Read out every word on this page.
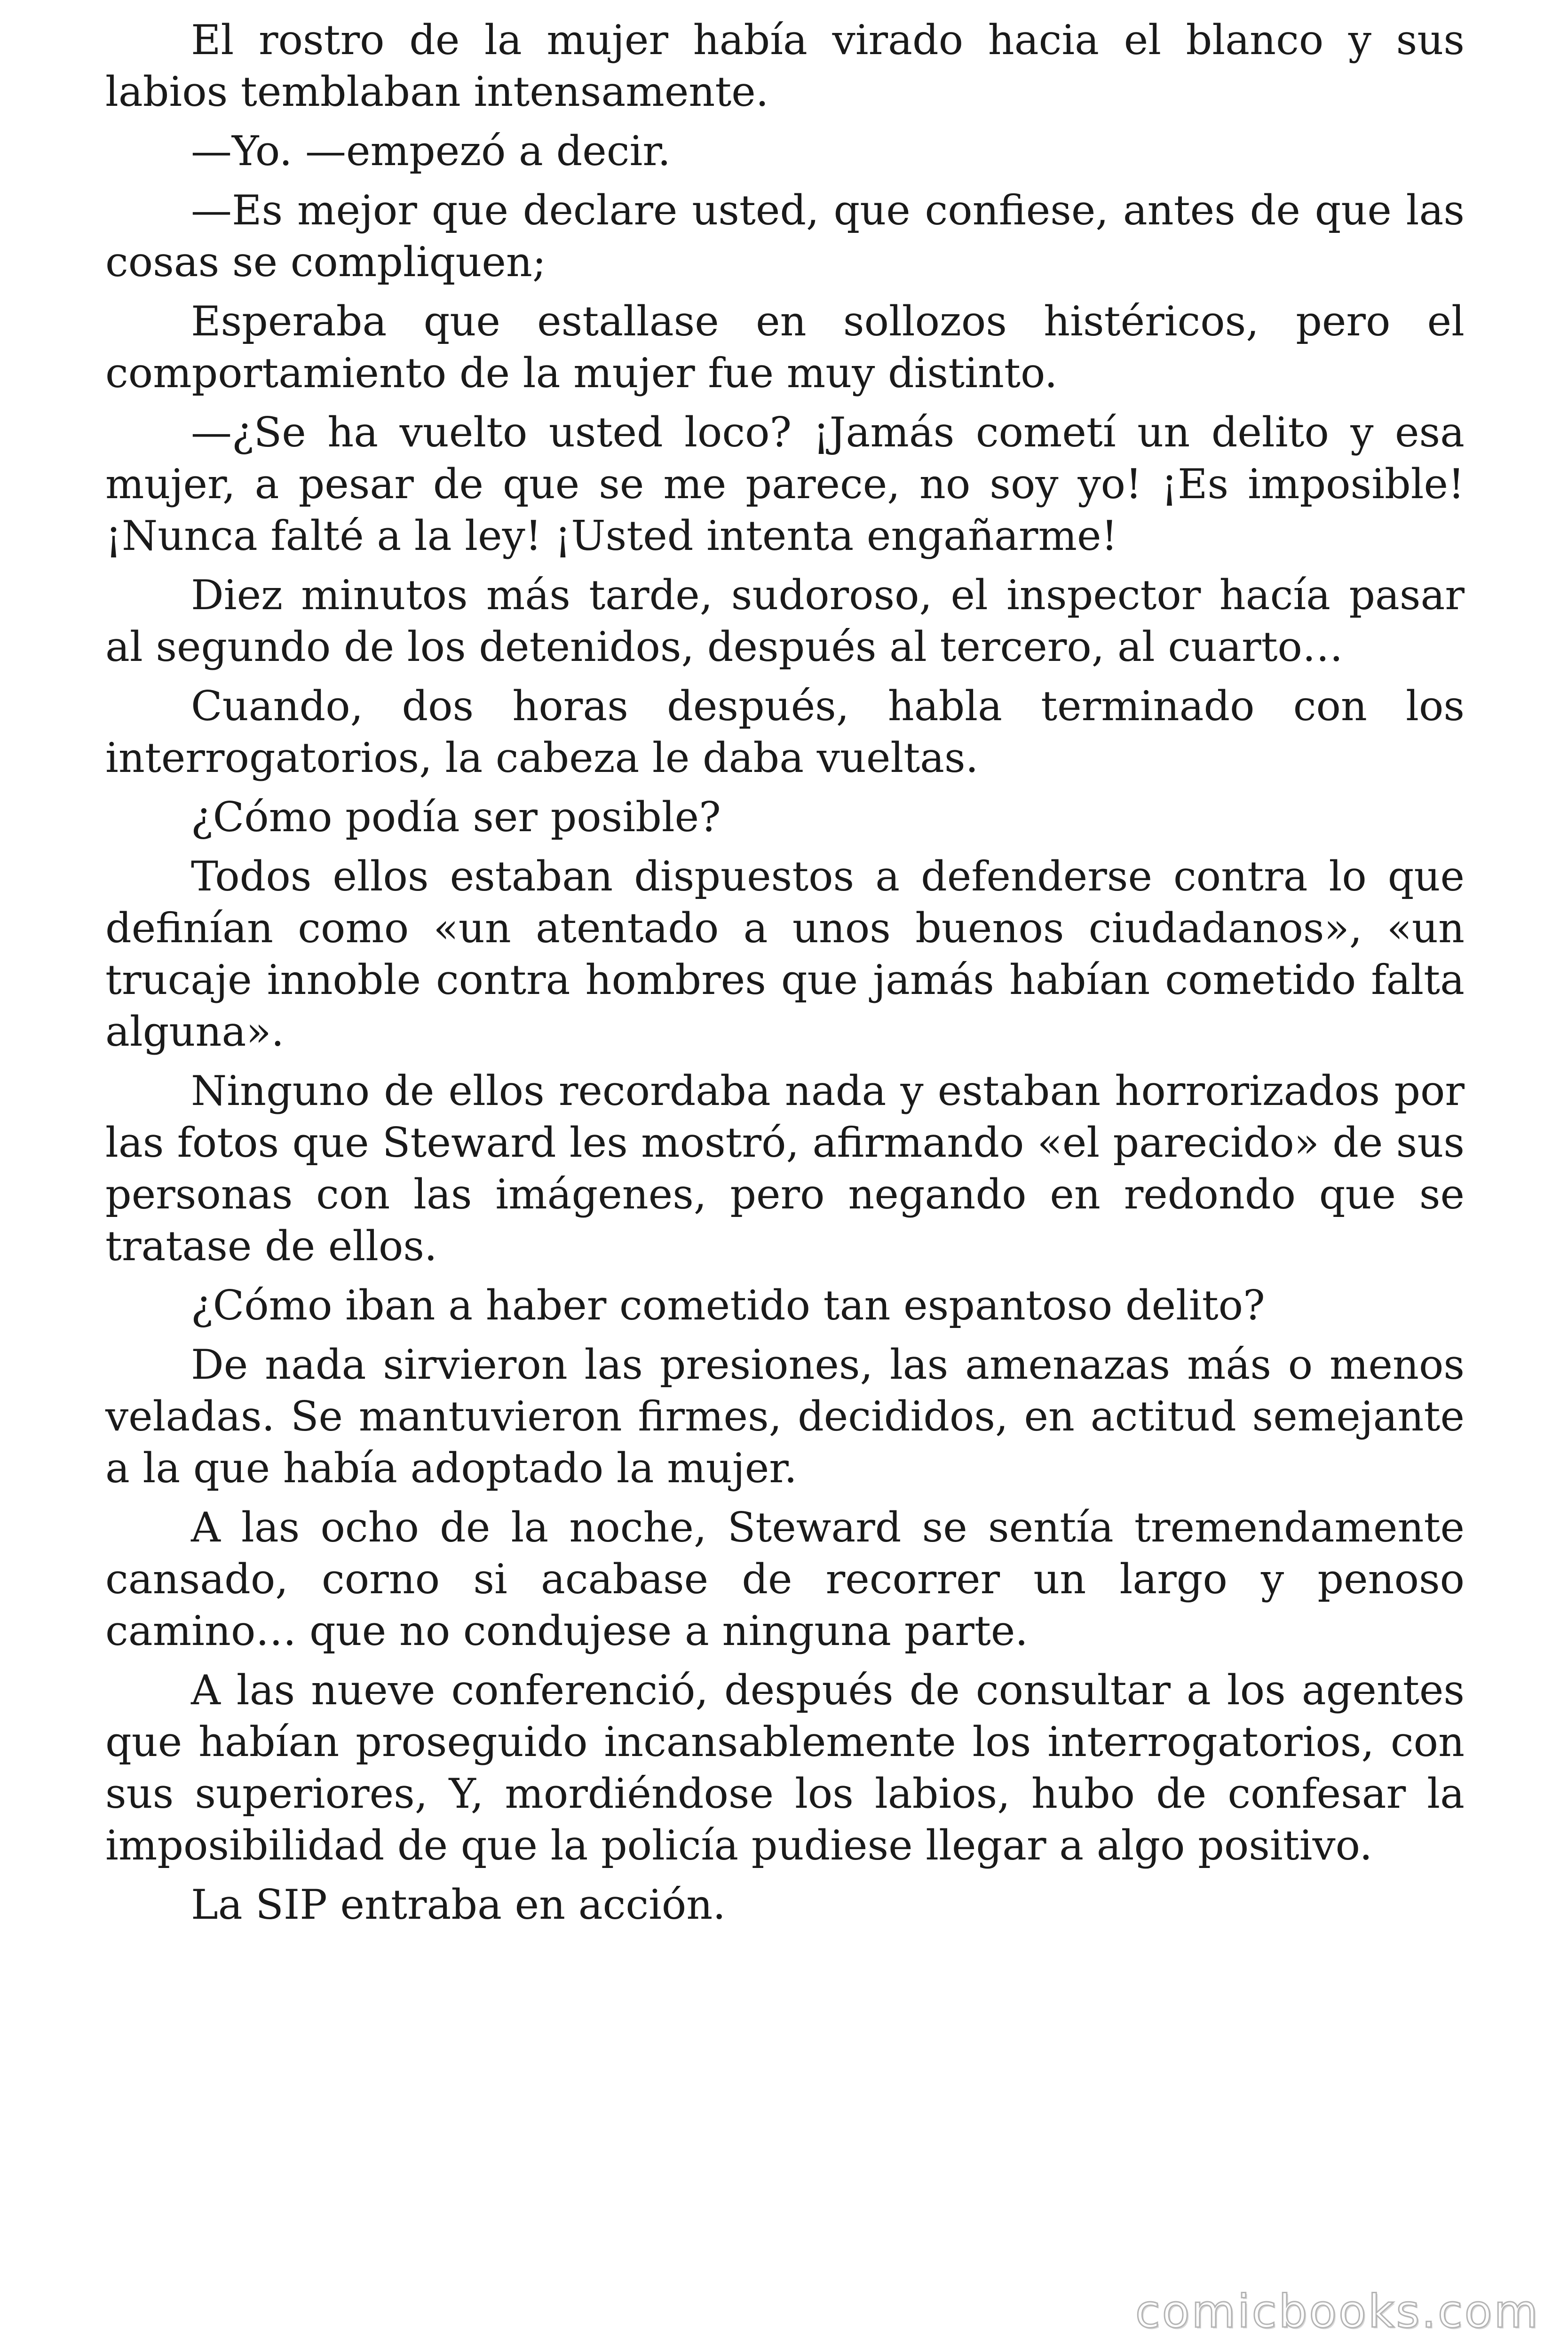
El rostro de la mujer había virado hacia el blanco y sus labios temblaban intensamente.

—Yo. —empezó a decir.

—Es mejor que declare usted, que confiese, antes de que las cosas se compliquen;

Esperaba que estallase en sollozos histéricos, pero el comportamiento de la mujer fue muy distinto.

—¿Se ha vuelto usted loco? ¡Jamás cometí un delito y esa mujer, a pesar de que se me parece, no soy yo! ¡Es imposible! ¡Nunca falté a la ley! ¡Usted intenta engañarme!

Diez minutos más tarde, sudoroso, el inspector hacía pasar al segundo de los detenidos, después al tercero, al cuarto…

Cuando, dos horas después, habla terminado con los interrogatorios, la cabeza le daba vueltas.

¿Cómo podía ser posible?

Todos ellos estaban dispuestos a defenderse contra lo que definían como «un atentado a unos buenos ciudadanos», «un trucaje innoble contra hombres que jamás habían cometido falta alguna».

Ninguno de ellos recordaba nada y estaban horrorizados por las fotos que Steward les mostró, afirmando «el parecido» de sus personas con las imágenes, pero negando en redondo que se tratase de ellos.

¿Cómo iban a haber cometido tan espantoso delito?

De nada sirvieron las presiones, las amenazas más o menos veladas. Se mantuvieron firmes, decididos, en actitud semejante a la que había adoptado la mujer.

A las ocho de la noche, Steward se sentía tremendamente cansado, corno si acabase de recorrer un largo y penoso camino… que no condujese a ninguna parte.

A las nueve conferenció, después de consultar a los agentes que habían proseguido incansablemente los interrogatorios, con sus superiores, Y, mordiéndose los labios, hubo de confesar la imposibilidad de que la policía pudiese llegar a algo positivo.

La SIP entraba en acción.

comicbooks.com
